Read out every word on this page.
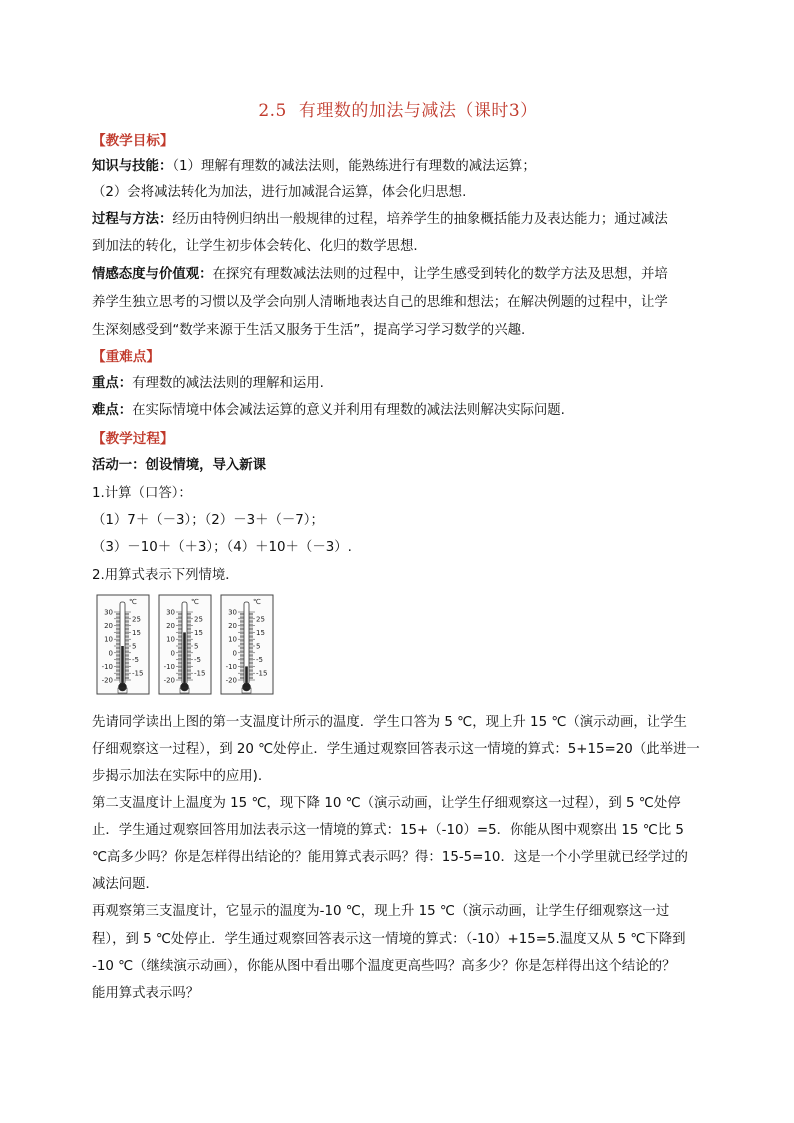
2.5 有理数的加法与减法（课时3）
【教学目标】
知识与技能：（1）理解有理数的减法法则，能熟练进行有理数的减法运算；
（2）会将减法转化为加法，进行加减混合运算，体会化归思想.
过程与方法：经历由特例归纳出一般规律的过程，培养学生的抽象概括能力及表达能力；通过减法
到加法的转化，让学生初步体会转化、化归的数学思想.
情感态度与价值观：在探究有理数减法法则的过程中，让学生感受到转化的数学方法及思想，并培
养学生独立思考的习惯以及学会向别人清晰地表达自己的思维和想法；在解决例题的过程中，让学
生深刻感受到“数学来源于生活又服务于生活”，提高学习学习数学的兴趣.
【重难点】
重点：有理数的减法法则的理解和运用.
难点：在实际情境中体会减法运算的意义并利用有理数的减法法则解决实际问题.
【教学过程】
活动一：创设情境，导入新课
1.计算（口答）：
（1）7＋（－3）；（2）－3＋（－7）；
（3）－10＋（＋3）；（4）＋10＋（－3）.
2.用算式表示下列情境．
℃
30
20
10
0
-10
-20
25
15
5
-5
-15
℃
30
20
10
0
-10
-20
25
15
5
-5
-15
℃
30
20
10
0
-10
-20
25
15
5
-5
-15
先请同学读出上图的第一支温度计所示的温度．学生口答为 5 ℃，现上升 15 ℃（演示动画，让学生
仔细观察这一过程），到 20 ℃处停止．学生通过观察回答表示这一情境的算式：5+15=20（此举进一
步揭示加法在实际中的应用).
第二支温度计上温度为 15 ℃，现下降 10 ℃（演示动画，让学生仔细观察这一过程），到 5 ℃处停
止．学生通过观察回答用加法表示这一情境的算式：15+（-10）=5．你能从图中观察出 15 ℃比 5
℃高多少吗？你是怎样得出结论的？能用算式表示吗？得：15-5=10．这是一个小学里就已经学过的
减法问题．
再观察第三支温度计，它显示的温度为-10 ℃，现上升 15 ℃（演示动画，让学生仔细观察这一过
程），到 5 ℃处停止．学生通过观察回答表示这一情境的算式：（-10）+15=5.温度又从 5 ℃下降到
-10 ℃（继续演示动画），你能从图中看出哪个温度更高些吗？高多少？你是怎样得出这个结论的？
能用算式表示吗？
